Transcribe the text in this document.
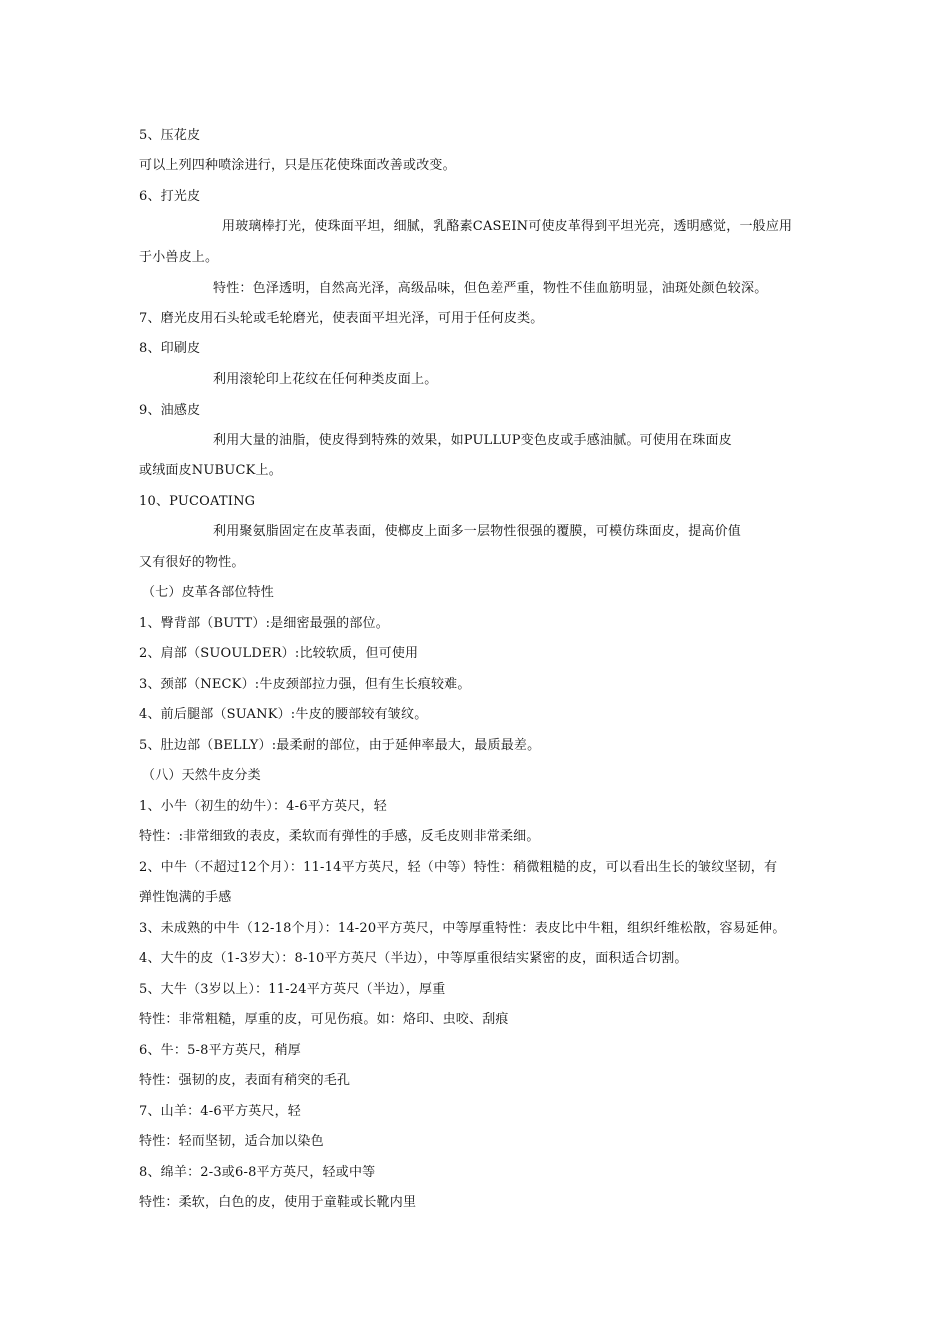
5、压花皮
可以上列四种喷涂进行，只是压花使珠面改善或改变。
6、打光皮
用玻璃棒打光，使珠面平坦，细腻，乳酪素CASEIN可使皮革得到平坦光亮，透明感觉，一般应用
于小兽皮上。
特性：色泽透明，自然高光泽，高级品味，但色差严重，物性不佳血筋明显，油斑处颜色较深。
7、磨光皮用石头轮或毛轮磨光，使表面平坦光泽，可用于任何皮类。
8、印刷皮
利用滚轮印上花纹在任何种类皮面上。
9、油感皮
利用大量的油脂，使皮得到特殊的效果，如PULLUP变色皮或手感油腻。可使用在珠面皮
或绒面皮NUBUCK上。
10、PUCOATING
利用聚氨脂固定在皮革表面，使榔皮上面多一层物性很强的覆膜，可模仿珠面皮，提高价值
又有很好的物性。
（七）皮革各部位特性
1、臀背部（BUTT）:是细密最强的部位。
2、肩部（SUOULDER）:比较软质，但可使用
3、颈部（NECK）:牛皮颈部拉力强，但有生长痕较难。
4、前后腿部（SUANK）:牛皮的腰部较有皱纹。
5、肚边部（BELLY）:最柔耐的部位，由于延伸率最大，最质最差。
（八）天然牛皮分类
1、小牛（初生的幼牛）：4-6平方英尺，轻
特性：:非常细致的表皮，柔软而有弹性的手感，反毛皮则非常柔细。
2、中牛（不超过12个月）：11-14平方英尺，轻（中等）特性：稍微粗糙的皮，可以看出生长的皱纹坚韧，有
弹性饱满的手感
3、未成熟的中牛（12-18个月）：14-20平方英尺，中等厚重特性：表皮比中牛粗，组织纤维松散，容易延伸。
4、大牛的皮（1-3岁大）：8-10平方英尺（半边），中等厚重很结实紧密的皮，面积适合切割。
5、大牛（3岁以上）：11-24平方英尺（半边），厚重
特性：非常粗糙，厚重的皮，可见伤痕。如：烙印、虫咬、刮痕
6、牛：5-8平方英尺，稍厚
特性：强韧的皮，表面有稍突的毛孔
7、山羊：4-6平方英尺，轻
特性：轻而坚韧，适合加以染色
8、绵羊：2-3或6-8平方英尺，轻或中等
特性：柔软，白色的皮，使用于童鞋或长靴内里
